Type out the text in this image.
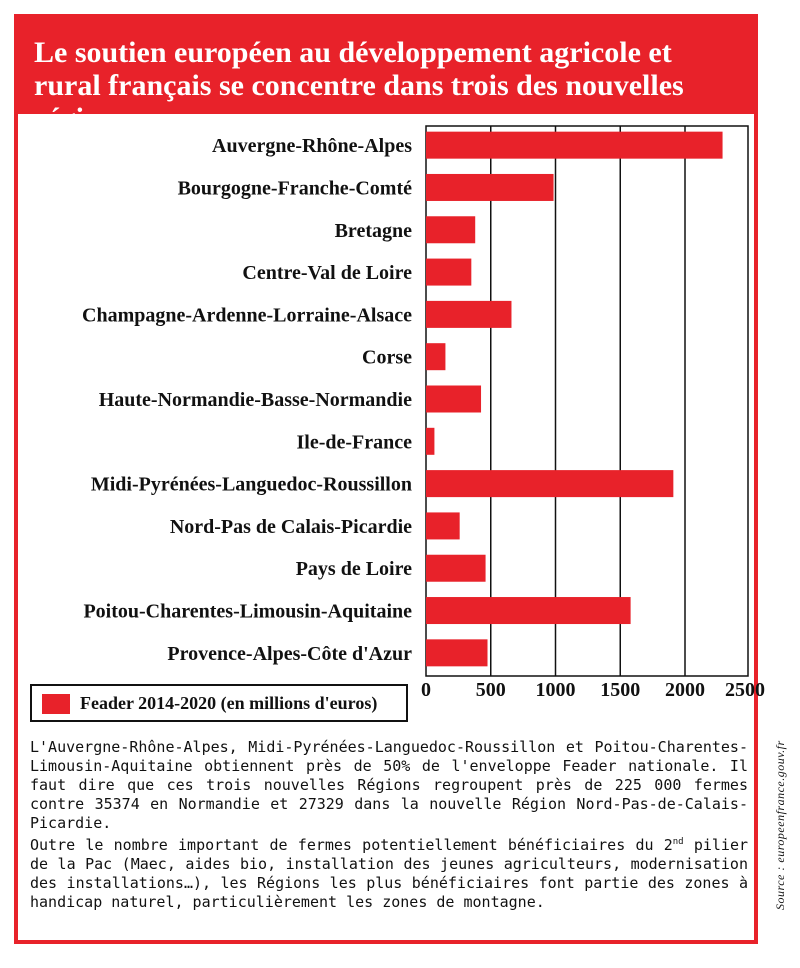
Le soutien européen au développement agricole et rural français se concentre dans trois des nouvelles régions
Auvergne-Rhône-Alpes
Bourgogne-Franche-Comté
Bretagne
Centre-Val de Loire
Champagne-Ardenne-Lorraine-Alsace
Corse
Haute-Normandie-Basse-Normandie
Ile-de-France
Midi-Pyrénées-Languedoc-Roussillon
Nord-Pas de Calais-Picardie
Pays de Loire
Poitou-Charentes-Limousin-Aquitaine
Provence-Alpes-Côte d'Azur
0 500 1000 1500 2000 2500
Feader 2014-2020 (en millions d'euros)

L'Auvergne-Rhône-Alpes, Midi-Pyrénées-Languedoc-Roussillon et Poitou-Charentes-Limousin-Aquitaine obtiennent près de 50% de l'enveloppe Feader nationale. Il faut dire que ces trois nouvelles Régions regroupent près de 225 000 fermes contre 35374 en Normandie et 27329 dans la nouvelle Région Nord-Pas-de-Calais-Picardie.

Outre le nombre important de fermes potentiellement bénéficiaires du 2nd pilier de la Pac (Maec, aides bio, installation des jeunes agriculteurs, modernisation des installations…), les Régions les plus bénéficiaires font partie des zones à handicap naturel, particulièrement les zones de montagne.	Source : europeenfrance.gouv.fr
